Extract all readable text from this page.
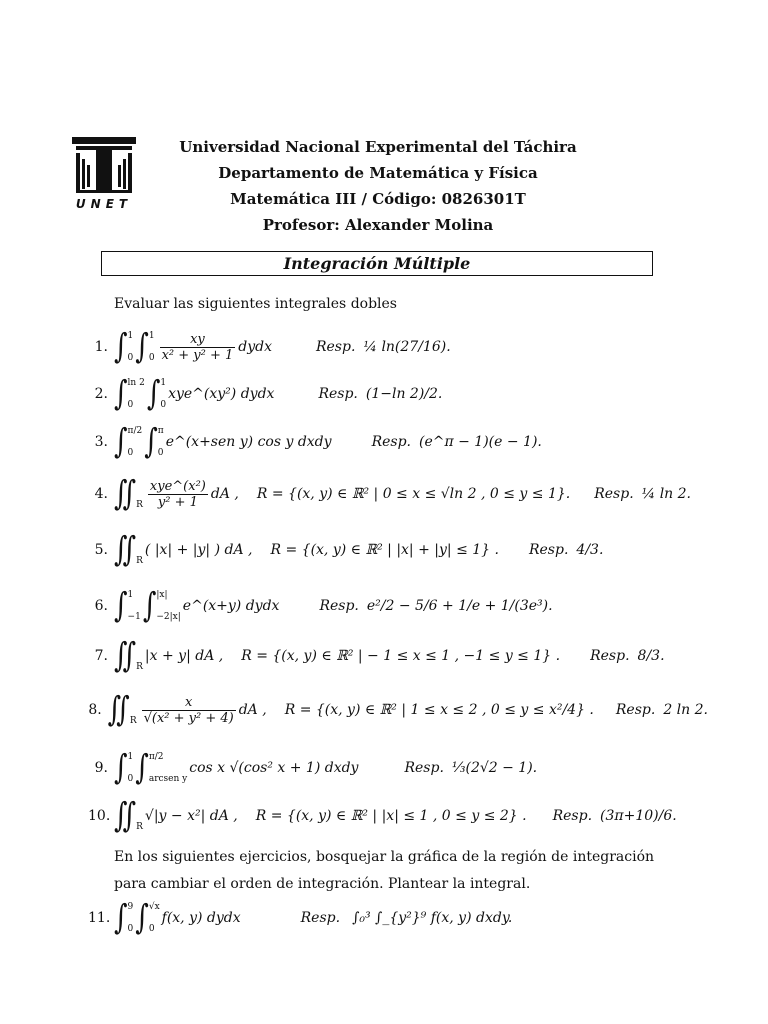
UNET
Universidad Nacional Experimental del Táchira
Departamento de Matemática y Física
Matemática III / Código: 0826301T
Profesor: Alexander Molina
Integración Múltiple
Evaluar las siguientes integrales dobles
1. ∫ 1

0 ∫ 1

$0 \frac{xy}{\text{x² + y² + 1}}$ dydx	Resp. ¼ ln(27/16).
2. ∫ ln 2

0 ∫ 1

0
xye^(xy²) dydx	Resp. (1−ln 2)/2.
3. ∫ π/2

0 ∫ π

0
e^(x+sen y) cos y dxdy	Resp. (e^π − 1)(e − 1).
4. ∬

R $\frac{\text{xye\textasciicircum{}(x²)}}{\text{y² + 1}}$ dA , R = {(x, y) ∈ ℝ² | 0 ≤ x ≤ √ln 2 , 0 ≤ y ≤ 1}. Resp. ¼ ln 2.
5. ∬

R
( |x| + |y| ) dA , R = {(x, y) ∈ ℝ² | |x| + |y| ≤ 1} . Resp. 4/3.
6. ∫ 1

−1 ∫ |x|

−2|x|
e^(x+y) dydx	Resp. e²/2 − 5/6 + 1/e + 1/(3e³).
7. ∬

R
|x + y| dA , R = {(x, y) ∈ ℝ² | − 1 ≤ x ≤ 1 , −1 ≤ y ≤ 1} . Resp. 8/3.
8. ∬

R $\frac{x}{\text{√(x² + y² + 4)}}$ dA , R = {(x, y) ∈ ℝ² | 1 ≤ x ≤ 2 , 0 ≤ y ≤ x²/4} . Resp. 2 ln 2.
9. ∫ 1

0 ∫ π/2

arcsen y
cos x √(cos² x + 1) dxdy	Resp. ⅓(2√2 − 1).
10. ∬

R
√|y − x²| dA , R = {(x, y) ∈ ℝ² | |x| ≤ 1 , 0 ≤ y ≤ 2} . Resp. (3π+10)/6.
En los siguientes ejercicios, bosquejar la gráfica de la región de integración para cambiar el orden de integración. Plantear la integral.
11. ∫ 9

0 ∫ √x

0
f(x, y) dydx	Resp. ∫₀³ ∫_{y²}⁹ f(x, y) dxdy.
